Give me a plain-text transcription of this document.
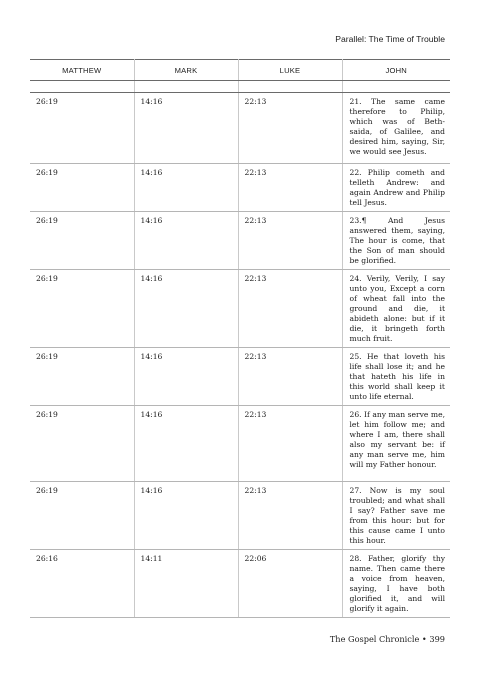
Parallel: The Time of Trouble
MATTHEW	MARK	LUKE	JOHN

26:19	14:16	22:13	21. The same came therefore to Philip, which was of Beth-saida, of Galilee, and desired him, saying, Sir, we would see Jesus.
26:19	14:16	22:13	22. Philip cometh and telleth Andrew: and again Andrew and Philip tell Jesus.
26:19	14:16	22:13	23.¶ And Jesus answered them, saying, The hour is come, that the Son of man should be glorified.
26:19	14:16	22:13	24. Verily, Verily, I say unto you, Except a corn of wheat fall into the ground and die, it abideth alone: but if it die, it bringeth forth much fruit.
26:19	14:16	22:13	25. He that loveth his life shall lose it; and he that hateth his life in this world shall keep it unto life eternal.
26:19	14:16	22:13	26. If any man serve me, let him follow me; and where I am, there shall also my servant be: if any man serve me, him will my Father honour.
26:19	14:16	22:13	27. Now is my soul troubled; and what shall I say? Father save me from this hour: but for this cause came I unto this hour.
26:16	14:11	22:06	28. Father, glorify thy name. Then came there a voice from heaven, saying, I have both glorified it, and will glorify it again.
The Gospel Chronicle • 399
